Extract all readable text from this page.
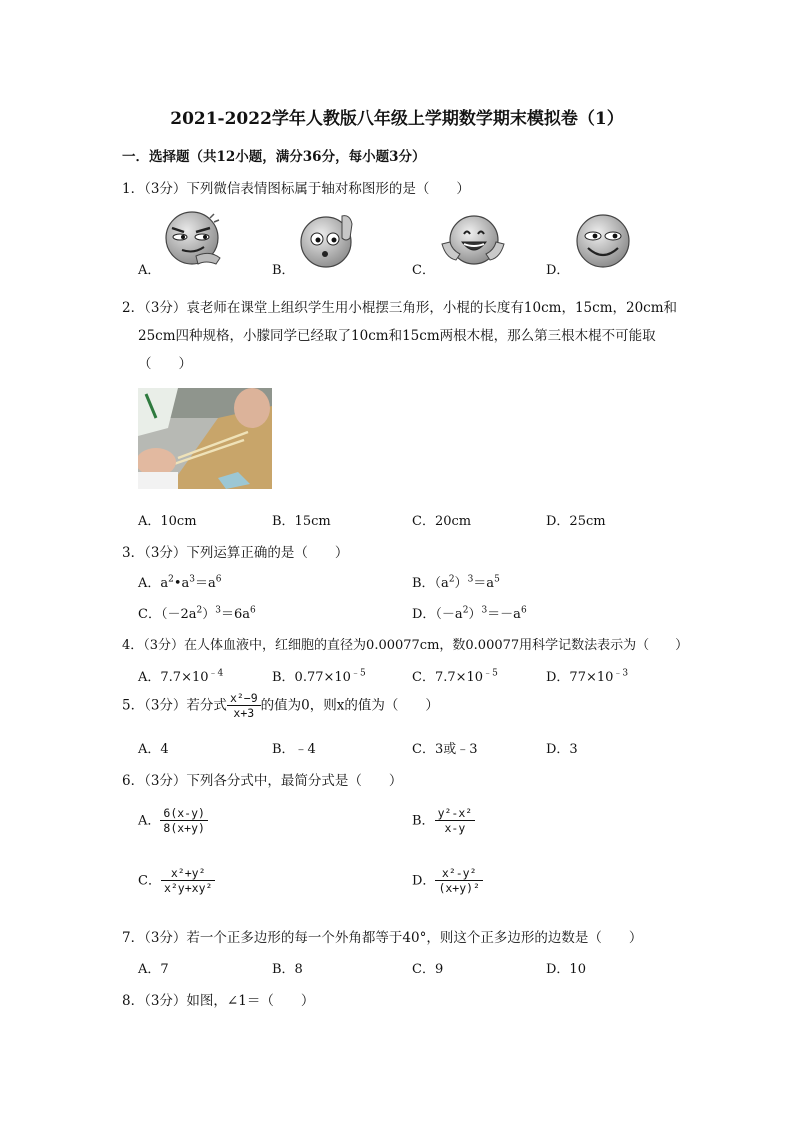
2021-2022学年人教版八年级上学期数学期末模拟卷（1）
一．选择题（共12小题，满分36分，每小题3分）
1．（3分）下列微信表情图标属于轴对称图形的是（　　）
A．	B．	C．	D．
2．（3分）袁老师在课堂上组织学生用小棍摆三角形，小棍的长度有10cm，15cm，20cm和
25cm四种规格，小朦同学已经取了10cm和15cm两根木棍，那么第三根木棍不可能取
（　　）
A．10cm	B．15cm	C．20cm	D．25cm
3．（3分）下列运算正确的是（　　）
A．$a^2•a^3=a^6$	B．$(a^2)^3=a^5$
C．$(-2a^2)^3=6a^6$	D．$(-a^2)^3=-a^6$
4．（3分）在人体血液中，红细胞的直径为0.00077cm，数0.00077用科学记数法表示为（　　）
A．$7.7\times 10^{﹣4}$	B．$0.77\times 10^{﹣5}$	C．$7.7\times 10^{﹣5}$	D．$77\times 10^{﹣3}$
5．（3分）若分式 $\frac{\text{x²−9}}{x+3}$ 的值为0，则x的值为（　　）
A．4	B．﹣4	C．3或﹣3	D．3
6．（3分）下列各分式中，最简分式是（　　）
A． $\frac{6(x-y)}{8(x+y)}$	B． $\frac{\text{y²-x²}}{x-y}$
C． $\frac{\text{x²+y²}}{\text{x²y+xy²}}$	D． $\frac{\text{x²-y²}}{\text{(x+y)²}}$
7．（3分）若一个正多边形的每一个外角都等于40°，则这个正多边形的边数是（　　）
A．7	B．8	C．9	D．10
8．（3分）如图，∠1＝（　　）
